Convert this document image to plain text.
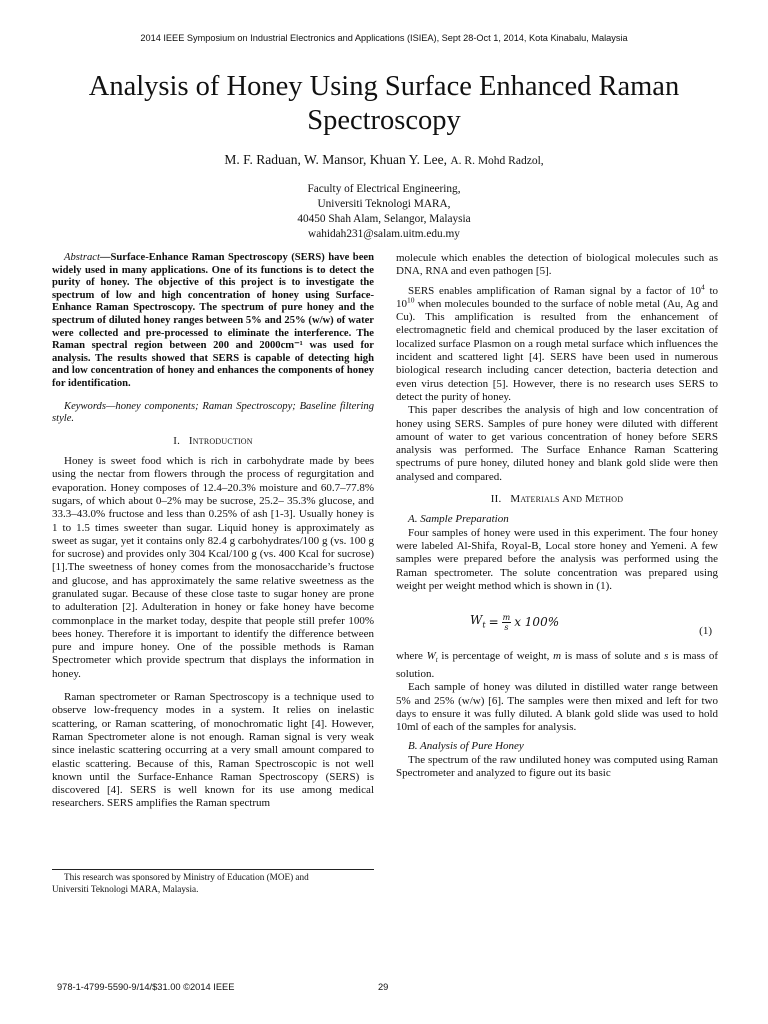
2014 IEEE Symposium on Industrial Electronics and Applications (ISIEA), Sept 28-Oct 1, 2014, Kota Kinabalu, Malaysia
Analysis of Honey Using Surface Enhanced Raman Spectroscopy
M. F. Raduan, W. Mansor, Khuan Y. Lee, A. R. Mohd Radzol,
Faculty of Electrical Engineering,
Universiti Teknologi MARA,
40450 Shah Alam, Selangor, Malaysia
wahidah231@salam.uitm.edu.my

Abstract—Surface-Enhance Raman Spectroscopy (SERS) have been widely used in many applications. One of its functions is to detect the purity of honey. The objective of this project is to investigate the spectrum of low and high concentration of honey using Surface-Enhance Raman Spectroscopy. The spectrum of pure honey and the spectrum of diluted honey ranges between 5% and 25% (w/w) of water were collected and pre-processed to eliminate the interference. The Raman spectral region between 200 and 2000cm⁻¹ was used for analysis. The results showed that SERS is capable of detecting high and low concentration of honey and enhances the components of honey for identification.

Keywords—honey components; Raman Spectroscopy; Baseline filtering style.

I. Introduction

Honey is sweet food which is rich in carbohydrate made by bees using the nectar from flowers through the process of regurgitation and evaporation. Honey composes of 12.4–20.3% moisture and 60.7–77.8% sugars, of which about 0–2% may be sucrose, 25.2– 35.3% glucose, and 33.3–43.0% fructose and less than 0.25% of ash [1-3]. Usually honey is 1 to 1.5 times sweeter than sugar. Liquid honey is approximately as sweet as sugar, yet it contains only 82.4 g carbohydrates/100 g (vs. 100 g for sucrose) and provides only 304 Kcal/100 g (vs. 400 Kcal for sucrose) [1].The sweetness of honey comes from the monosaccharide’s fructose and glucose, and has approximately the same relative sweetness as the granulated sugar. Because of these close taste to sugar honey are prone to adulteration [2]. Adulteration in honey or fake honey have become commonplace in the market today, despite that people still prefer 100% bees honey. Therefore it is important to identify the difference between pure and impure honey. One of the possible methods is Raman Spectrometer which provide spectrum that displays the information in honey.

Raman spectrometer or Raman Spectroscopy is a technique used to observe low-frequency modes in a system. It relies on inelastic scattering, or Raman scattering, of monochromatic light [4]. However, Raman Spectrometer alone is not enough. Raman signal is very weak since inelastic scattering occurring at a very small amount compared to elastic scattering. Because of this, Raman Spectroscopic is not well known until the Surface-Enhance Raman Spectroscopy (SERS) is discovered [4]. SERS is well known for its use among medical researchers. SERS amplifies the Raman spectrum

molecule which enables the detection of biological molecules such as DNA, RNA and even pathogen [5].

SERS enables amplification of Raman signal by a factor of $10^4$ to $10^{10}$ when molecules bounded to the surface of noble metal (Au, Ag and Cu). This amplification is resulted from the enhancement of electromagnetic field and chemical produced by the laser excitation of localized surface Plasmon on a rough metal surface which influences the incident and scattered light [4]. SERS have been used in numerous biological research including cancer detection, bacteria detection and even virus detection [5]. However, there is no research uses SERS to detect the purity of honey.

This paper describes the analysis of high and low concentration of honey using SERS. Samples of pure honey were diluted with different amount of water to get various concentration of honey before SERS analysis was performed. The Surface Enhance Raman Scattering spectrums of pure honey, diluted honey and blank gold slide were then analysed and compared.

II. Materials And Method

A. Sample Preparation

Four samples of honey were used in this experiment. The four honey were labeled Al-Shifa, Royal-B, Local store honey and Yemeni. A few samples were prepared before the analysis was performed using the Raman spectrometer. The solute concentration was prepared using weight per weight method which is shown in (1).

$W_t = \frac{m}{s}$ x 100%
(1)

where $W_t$ is percentage of weight, m is mass of solute and s is mass of solution.

Each sample of honey was diluted in distilled water range between 5% and 25% (w/w) [6]. The samples were then mixed and left for two days to ensure it was fully diluted. A blank gold slide was used to hold 10ml of each of the samples for analysis.

B. Analysis of Pure Honey

The spectrum of the raw undiluted honey was computed using Raman Spectrometer and analyzed to figure out its basic

This research was sponsored by Ministry of Education (MOE) and
Universiti Teknologi MARA, Malaysia.
978-1-4799-5590-9/14/$31.00 ©2014 IEEE	29
